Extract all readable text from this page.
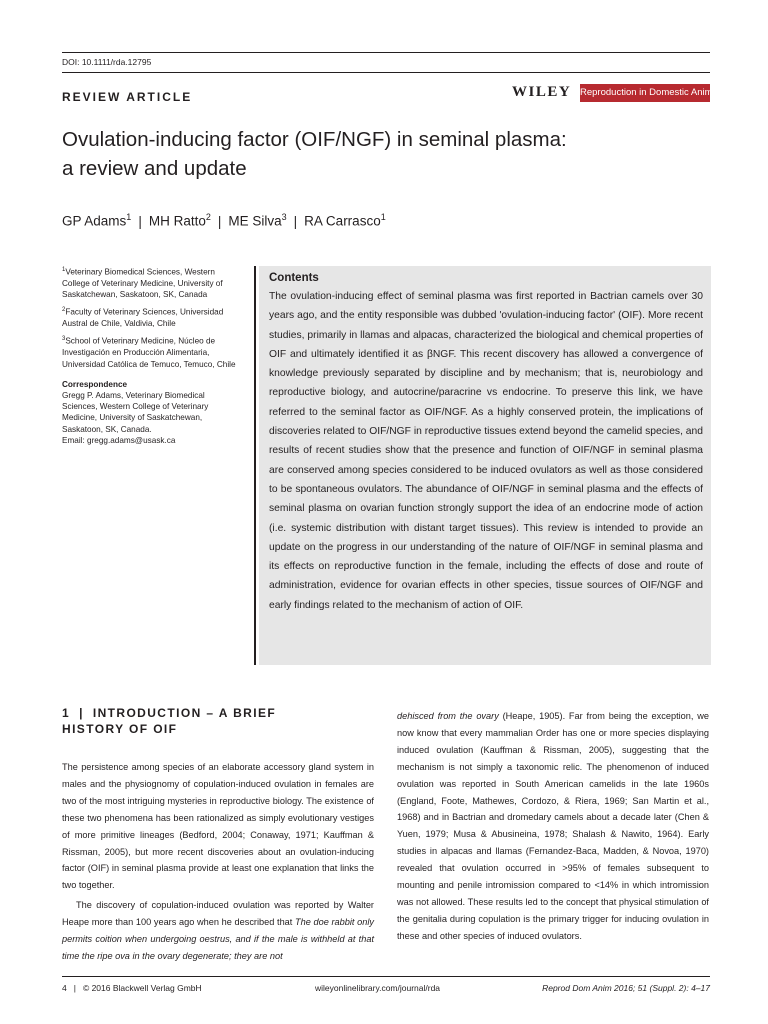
DOI: 10.1111/rda.12795
REVIEW ARTICLE	WILEY Reproduction in Domestic Animals
Ovulation-inducing factor (OIF/NGF) in seminal plasma:
a review and update
GP Adams$^1$ | MH Ratto$^2$ | ME Silva$^3$ | RA Carrasco$^1$
$^1$Veterinary Biomedical Sciences, Western College of Veterinary Medicine, University of Saskatchewan, Saskatoon, SK, Canada
$^2$Faculty of Veterinary Sciences, Universidad Austral de Chile, Valdivia, Chile
$^3$School of Veterinary Medicine, Núcleo de Investigación en Producción Alimentaria, Universidad Católica de Temuco, Temuco, Chile
Correspondence
Gregg P. Adams, Veterinary Biomedical Sciences, Western College of Veterinary Medicine, University of Saskatchewan, Saskatoon, SK, Canada.
Email: gregg.adams@usask.ca
Contents
The ovulation-inducing effect of seminal plasma was first reported in Bactrian camels over 30 years ago, and the entity responsible was dubbed 'ovulation-inducing factor' (OIF). More recent studies, primarily in llamas and alpacas, characterized the biological and chemical properties of OIF and ultimately identified it as βNGF. This recent discovery has allowed a convergence of knowledge previously separated by discipline and by mechanism; that is, neurobiology and reproductive biology, and autocrine/paracrine vs endocrine. To preserve this link, we have referred to the seminal factor as OIF/NGF. As a highly conserved protein, the implications of discoveries related to OIF/NGF in reproductive tissues extend beyond the camelid species, and results of recent studies show that the presence and function of OIF/NGF in seminal plasma are conserved among species considered to be induced ovulators as well as those considered to be spontaneous ovulators. The abundance of OIF/NGF in seminal plasma and the effects of seminal plasma on ovarian function strongly support the idea of an endocrine mode of action (i.e. systemic distribution with distant target tissues). This review is intended to provide an update on the progress in our understanding of the nature of OIF/NGF in seminal plasma and its effects on reproductive function in the female, including the effects of dose and route of administration, evidence for ovarian effects in other species, tissue sources of OIF/NGF and early findings related to the mechanism of action of OIF.
1 | INTRODUCTION – A BRIEF
HISTORY OF OIF

The persistence among species of an elaborate accessory gland system in males and the physiognomy of copulation-induced ovulation in females are two of the most intriguing mysteries in reproductive biology. The existence of these two phenomena has been rationalized as simply evolutionary vestiges of more primitive lineages (Bedford, 2004; Conaway, 1971; Kauffman & Rissman, 2005), but more recent discoveries about an ovulation-inducing factor (OIF) in seminal plasma provide at least one explanation that links the two together.

The discovery of copulation-induced ovulation was reported by Walter Heape more than 100 years ago when he described that The doe rabbit only permits coition when undergoing oestrus, and if the male is withheld at that time the ripe ova in the ovary degenerate; they are not

dehisced from the ovary (Heape, 1905). Far from being the exception, we now know that every mammalian Order has one or more species displaying induced ovulation (Kauffman & Rissman, 2005), suggesting that the mechanism is not simply a taxonomic relic. The phenomenon of induced ovulation was reported in South American camelids in the late 1960s (England, Foote, Mathewes, Cordozo, & Riera, 1969; San Martin et al., 1968) and in Bactrian and dromedary camels about a decade later (Chen & Yuen, 1979; Musa & Abusineina, 1978; Shalash & Nawito, 1964). Early studies in alpacas and llamas (Fernandez-Baca, Madden, & Novoa, 1970) revealed that ovulation occurred in >95% of females subsequent to mounting and penile intromission compared to <14% in which intromission was not allowed. These results led to the concept that physical stimulation of the genitalia during copulation is the primary trigger for inducing ovulation in these and other species of induced ovulators.

4 | © 2016 Blackwell Verlag GmbH	wileyonlinelibrary.com/journal/rda	Reprod Dom Anim 2016; 51 (Suppl. 2): 4–17
